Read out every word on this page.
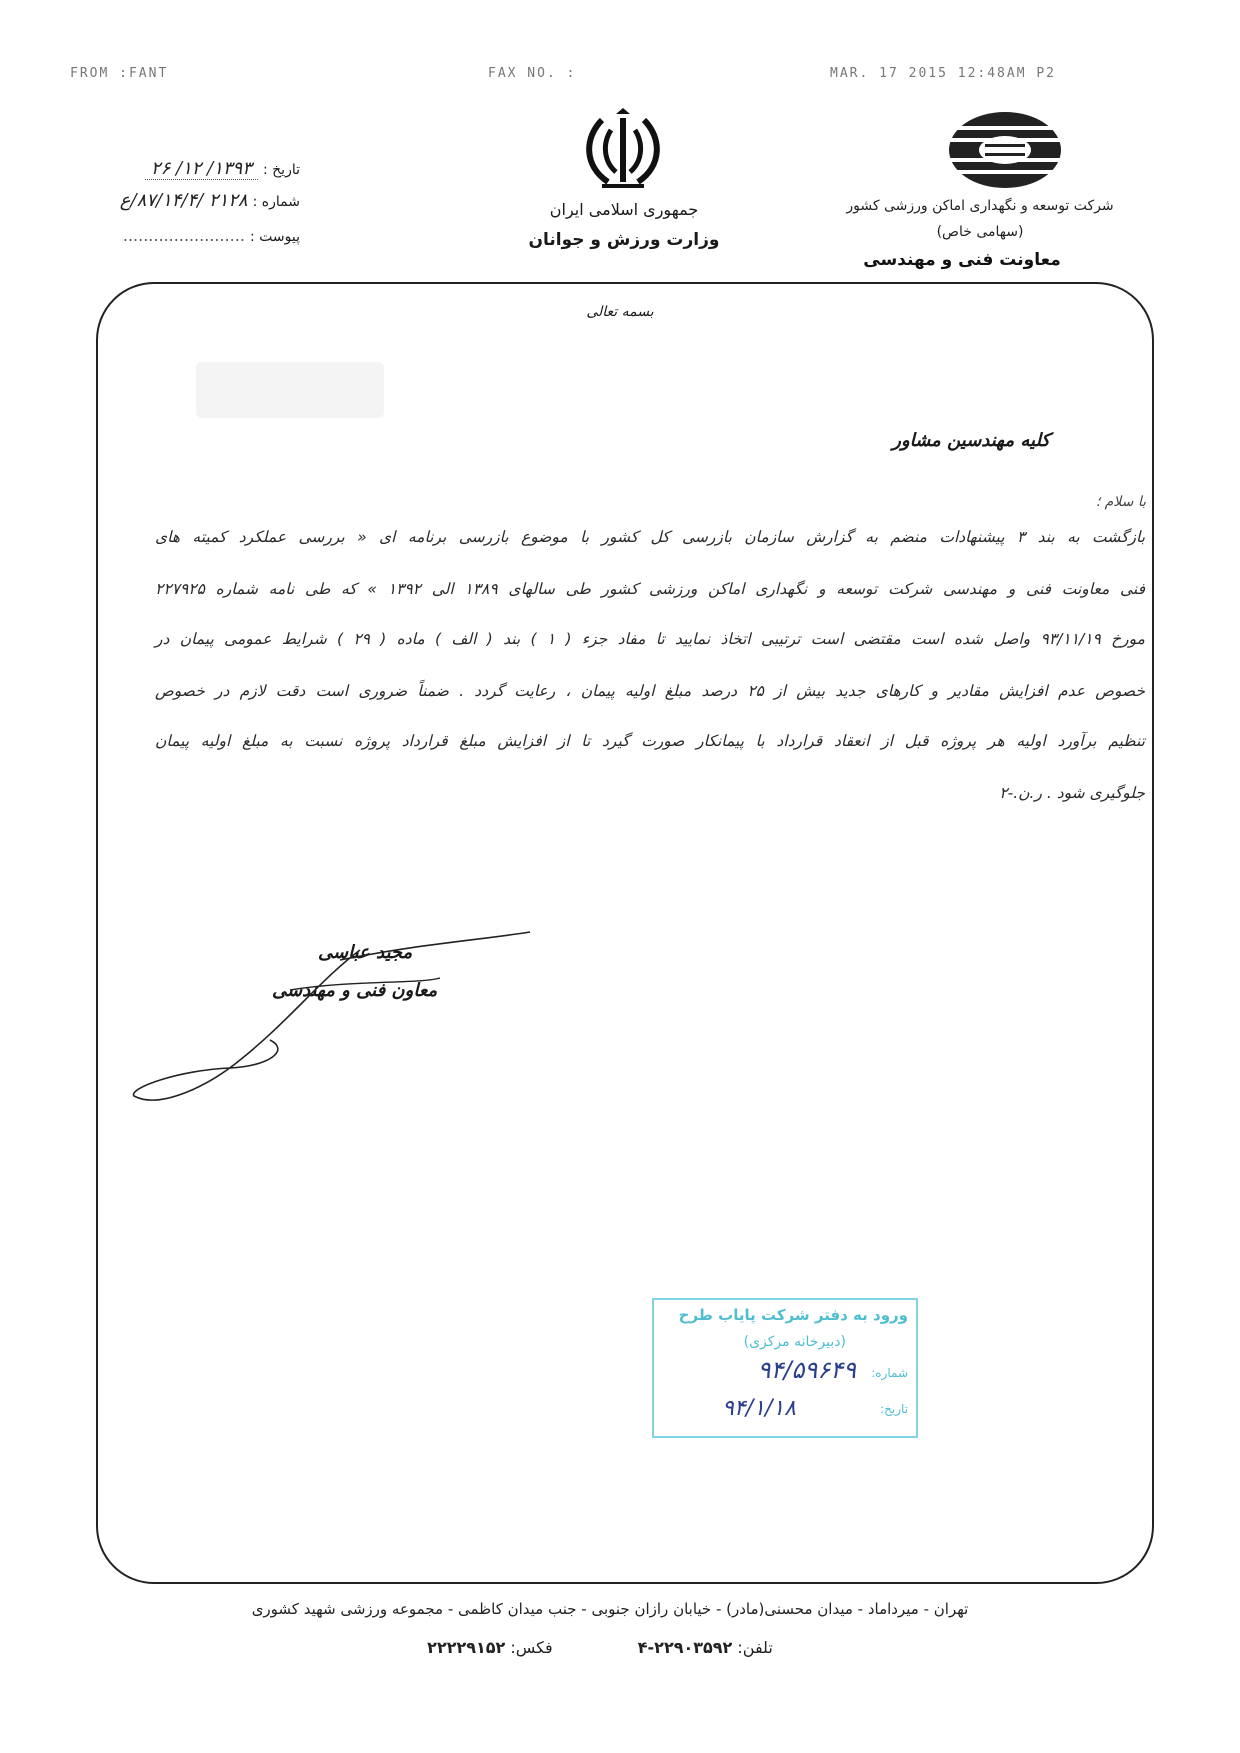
FROM :FANT	FAX NO. :	MAR. 17 2015 12:48AM P2
شرکت توسعه و نگهداری اماکن ورزشی کشور
(سهامی خاص)
معاونت فنی و مهندسی
جمهوری اسلامی ایران
وزارت ورزش و جوانان
تاریخ : ۱۳۹۳/ ۱۲/ ۲۶
شماره : ۲۱۲۸ /۸۷/۱۴/۴/ع
پیوست : ........................
بسمه تعالی
کلیه مهندسین مشاور
با سلام ؛
بازگشت به بند ۳ پیشنهادات منضم به گزارش سازمان بازرسی کل کشور با موضوع بازرسی برنامه ای « بررسی عملکرد کمیته های
فنی معاونت فنی و مهندسی شرکت توسعه و نگهداری اماکن ورزشی کشور طی سالهای ۱۳۸۹ الی ۱۳۹۲ » که طی نامه شماره ۲۲۷۹۲۵
مورخ ۹۳/۱۱/۱۹ واصل شده است مقتضی است ترتیبی اتخاذ نمایید تا مفاد جزء ( ۱ ) بند ( الف ) ماده ( ۲۹ ) شرایط عمومی پیمان در
خصوص عدم افزایش مقادیر و کارهای جدید بیش از ۲۵ درصد مبلغ اولیه پیمان ، رعایت گردد . ضمناً ضروری است دقت لازم در خصوص
تنظیم برآورد اولیه هر پروژه قبل از انعقاد قرارداد با پیمانکار صورت گیرد تا از افزایش مبلغ قرارداد پروژه نسبت به مبلغ اولیه پیمان
جلوگیری شود . ر.ن.-۲
مجید عباسی
معاون فنی و مهندسی
ورود به دفتر شرکت پایاب طرح
(دبیرخانه مرکزی)
شماره:
۹۴/۵۹۶۴۹
تاریخ:
۹۴/۱/۱۸
تهران - میرداماد - میدان محسنی(مادر) - خیابان رازان جنوبی - جنب میدان کاظمی - مجموعه ورزشی شهید کشوری
تلفن: ۲۲۹۰۳۵۹۲-۴ فکس: ۲۲۲۲۹۱۵۲
